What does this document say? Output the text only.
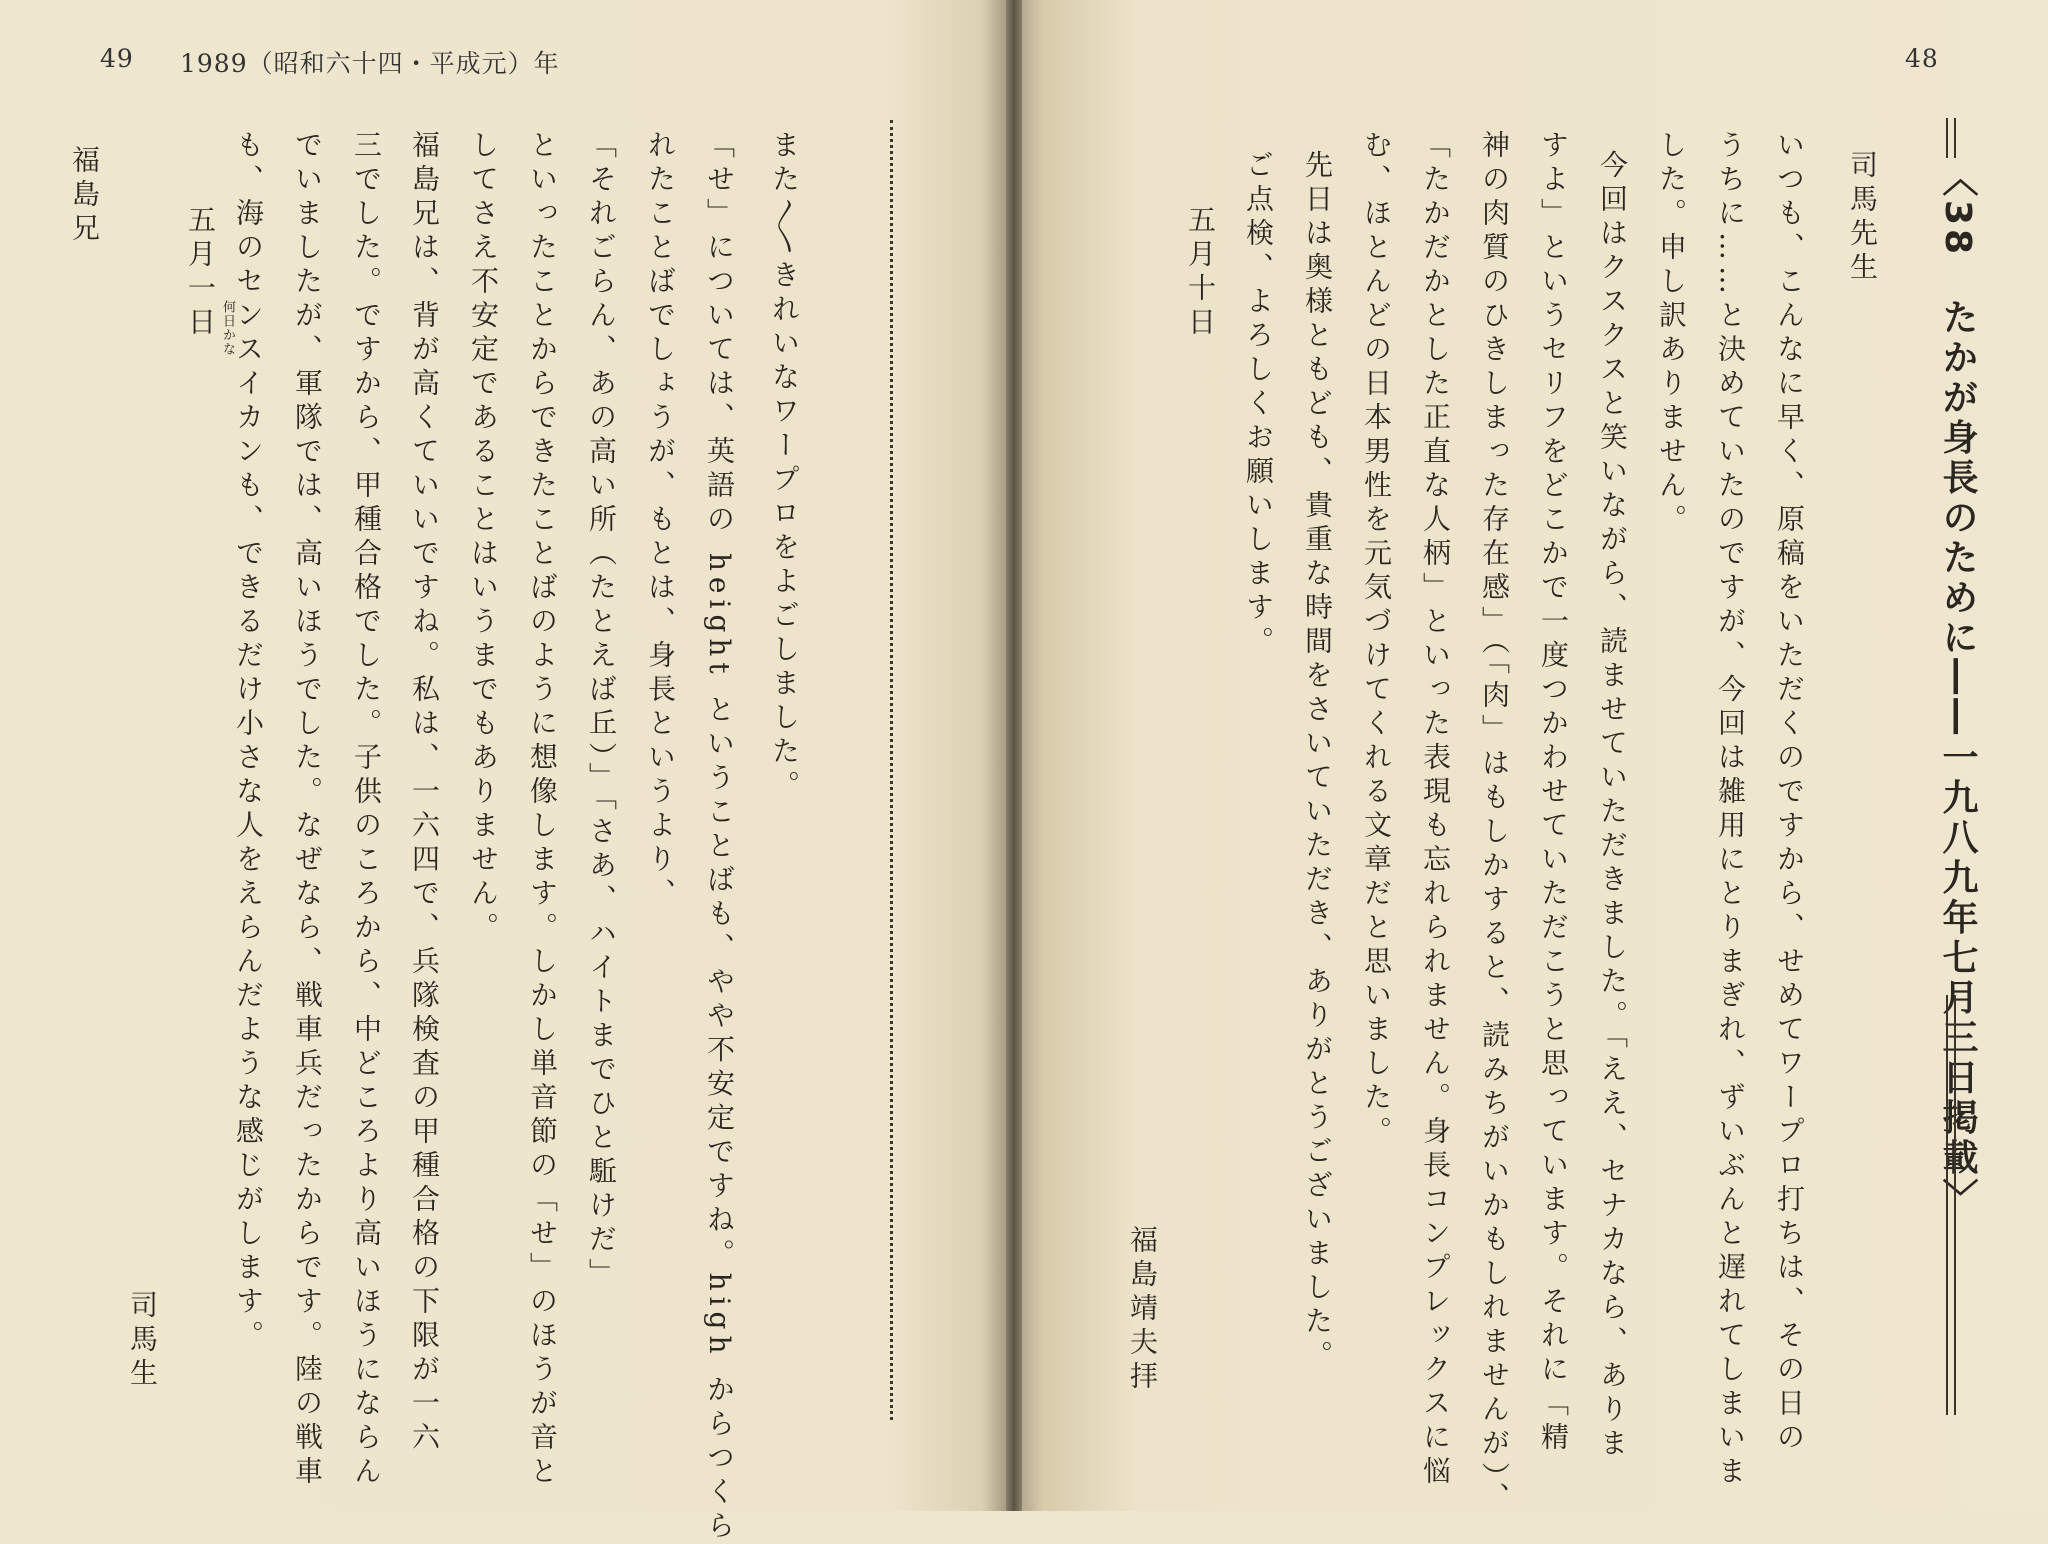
49 1989（昭和六十四・平成元）年
また〳〵きれいなワープロをよごしました。
「せ」については、英語の height ということばも、やや不安定ですね。high からつくら
れたことばでしょうが、もとは、身長というより、
「それごらん、あの高い所（たとえば丘）」「さあ、ハイトまでひと駈けだ」
といったことからできたことばのように想像します。しかし単音節の「せ」のほうが音と
してさえ不安定であることはいうまでもありません。
福島兄は、背が高くていいですね。私は、一六四で、兵隊検査の甲種合格の下限が一六
三でした。ですから、甲種合格でした。子供のころから、中どころより高いほうにならん
でいましたが、軍隊では、高いほうでした。なぜなら、戦車兵だったからです。陸の戦車
も、海のセンスイカンも、できるだけ小さな人をえらんだような感じがします。
五月一日 何日かな
司馬生
福島兄
48
〈38　たかが身長のために――一九八九年七月三日掲載〉
司馬先生
いつも、こんなに早く、原稿をいただくのですから、せめてワープロ打ちは、その日の
うちに……と決めていたのですが、今回は雑用にとりまぎれ、ずいぶんと遅れてしまいま
した。申し訳ありません。
今回はクスクスと笑いながら、読ませていただきました。「ええ、セナカなら、ありま
すよ」というセリフをどこかで一度つかわせていただこうと思っています。それに「精
神の肉質のひきしまった存在感」（「肉」はもしかすると、読みちがいかもしれませんが）、
「たかだかとした正直な人柄」といった表現も忘れられません。身長コンプレックスに悩
む、ほとんどの日本男性を元気づけてくれる文章だと思いました。
先日は奥様ともども、貴重な時間をさいていただき、ありがとうございました。
ご点検、よろしくお願いします。
五月十日
福島靖夫拝
